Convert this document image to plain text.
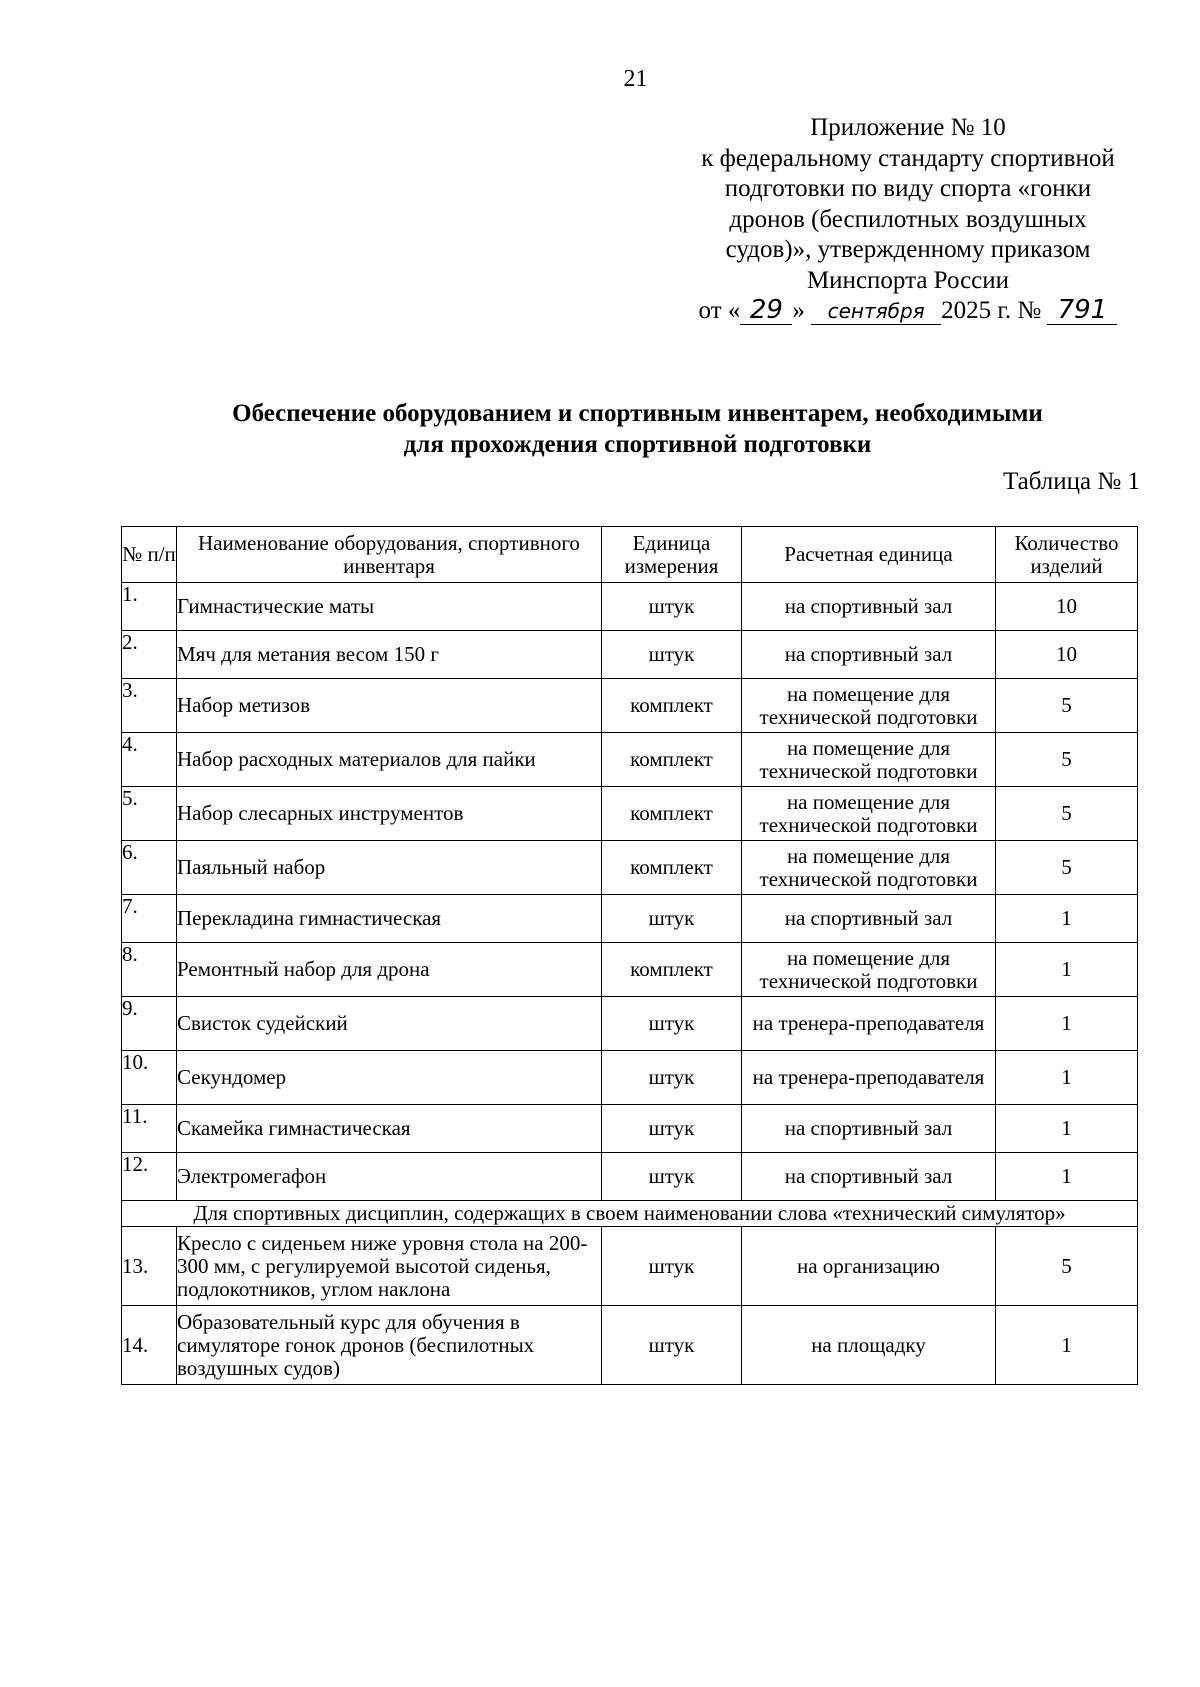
21
Приложение № 10
к федеральному стандарту спортивной
подготовки по виду спорта «гонки
дронов (беспилотных воздушных
судов)», утвержденному приказом
Минспорта России
от « 29 » сентября 2025 г. № 791
Обеспечение оборудованием и спортивным инвентарем, необходимыми
для прохождения спортивной подготовки
Таблица № 1
№ п/п	Наименование оборудования, спортивного инвентаря	Единица измерения	Расчетная единица	Количество изделий
1.	Гимнастические маты	штук	на спортивный зал	10
2.	Мяч для метания весом 150 г	штук	на спортивный зал	10
3.	Набор метизов	комплект	на помещение для технической подготовки	5
4.	Набор расходных материалов для пайки	комплект	на помещение для технической подготовки	5
5.	Набор слесарных инструментов	комплект	на помещение для технической подготовки	5
6.	Паяльный набор	комплект	на помещение для технической подготовки	5
7.	Перекладина гимнастическая	штук	на спортивный зал	1
8.	Ремонтный набор для дрона	комплект	на помещение для технической подготовки	1
9.	Свисток судейский	штук	на тренера-преподавателя	1
10.	Секундомер	штук	на тренера-преподавателя	1
11.	Скамейка гимнастическая	штук	на спортивный зал	1
12.	Электромегафон	штук	на спортивный зал	1
Для спортивных дисциплин, содержащих в своем наименовании слова «технический симулятор»				
13.	Кресло с сиденьем ниже уровня стола на 200-300 мм, с регулируемой высотой сиденья, подлокотников, углом наклона	штук	на организацию	5
14.	Образовательный курс для обучения в симуляторе гонок дронов (беспилотных воздушных судов)	штук	на площадку	1
